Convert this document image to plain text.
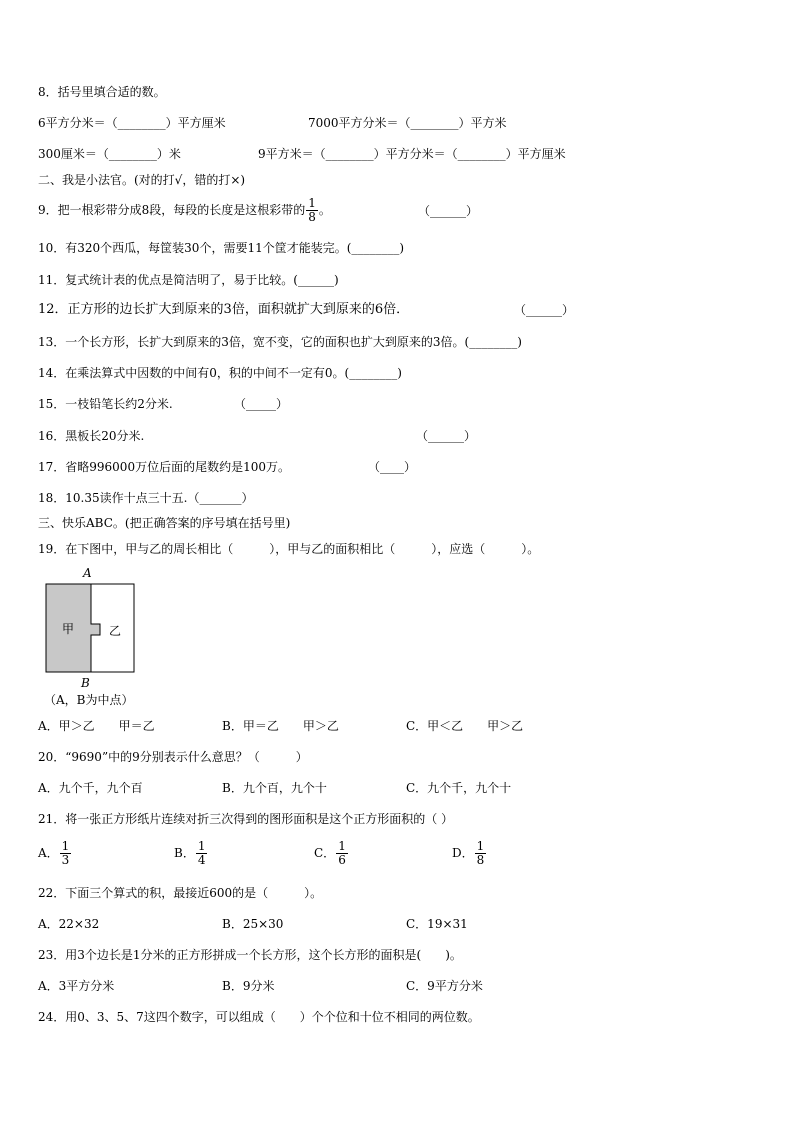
8．括号里填合适的数。
6平方分米＝（________）平方厘米	7000平方分米＝（________）平方米
300厘米＝（________）米	9平方米＝（________）平方分米＝（________）平方厘米
二、我是小法官。(对的打√，错的打×)
9．把一根彩带分成8段，每段的长度是这根彩带的 $\frac{1}{8}$ 。	（______）
10．有320个西瓜，每筐装30个，需要11个筐才能装完。(________)
11．复式统计表的优点是简洁明了，易于比较。(______)
12．正方形的边长扩大到原来的3倍，面积就扩大到原来的6倍．	（______）
13．一个长方形，长扩大到原来的3倍，宽不变，它的面积也扩大到原来的3倍。(________)
14．在乘法算式中因数的中间有0，积的中间不一定有0。(________)
15．一枝铅笔长约2分米.	（_____）
16．黑板长20分米.	（______）
17．省略996000万位后面的尾数约是100万。	（____）
18．10.35读作十点三十五.（_______）
三、快乐ABC。(把正确答案的序号填在括号里)
19．在下图中，甲与乙的周长相比（　　　），甲与乙的面积相比（　　　），应选（　　　）。
A
甲	乙
B
（A，B为中点）
A．甲＞乙　　甲＝乙	B．甲＝乙　　甲＞乙	C．甲＜乙　　甲＞乙
20．“9690”中的9分别表示什么意思？（　　　）
A．九个千，九个百	B．九个百，九个十	C．九个千，九个十
21．将一张正方形纸片连续对折三次得到的图形面积是这个正方形面积的（ ）
A． $\frac{1}{3}$	B． $\frac{1}{4}$	C． $\frac{1}{6}$	D． $\frac{1}{8}$
22．下面三个算式的积，最接近600的是（　　　）。
A．22×32	B．25×30	C．19×31
23．用3个边长是1分米的正方形拼成一个长方形，这个长方形的面积是(　　)。
A．3平方分米	B．9分米	C．9平方分米
24．用0、3、5、7这四个数字，可以组成（　　）个个位和十位不相同的两位数。
